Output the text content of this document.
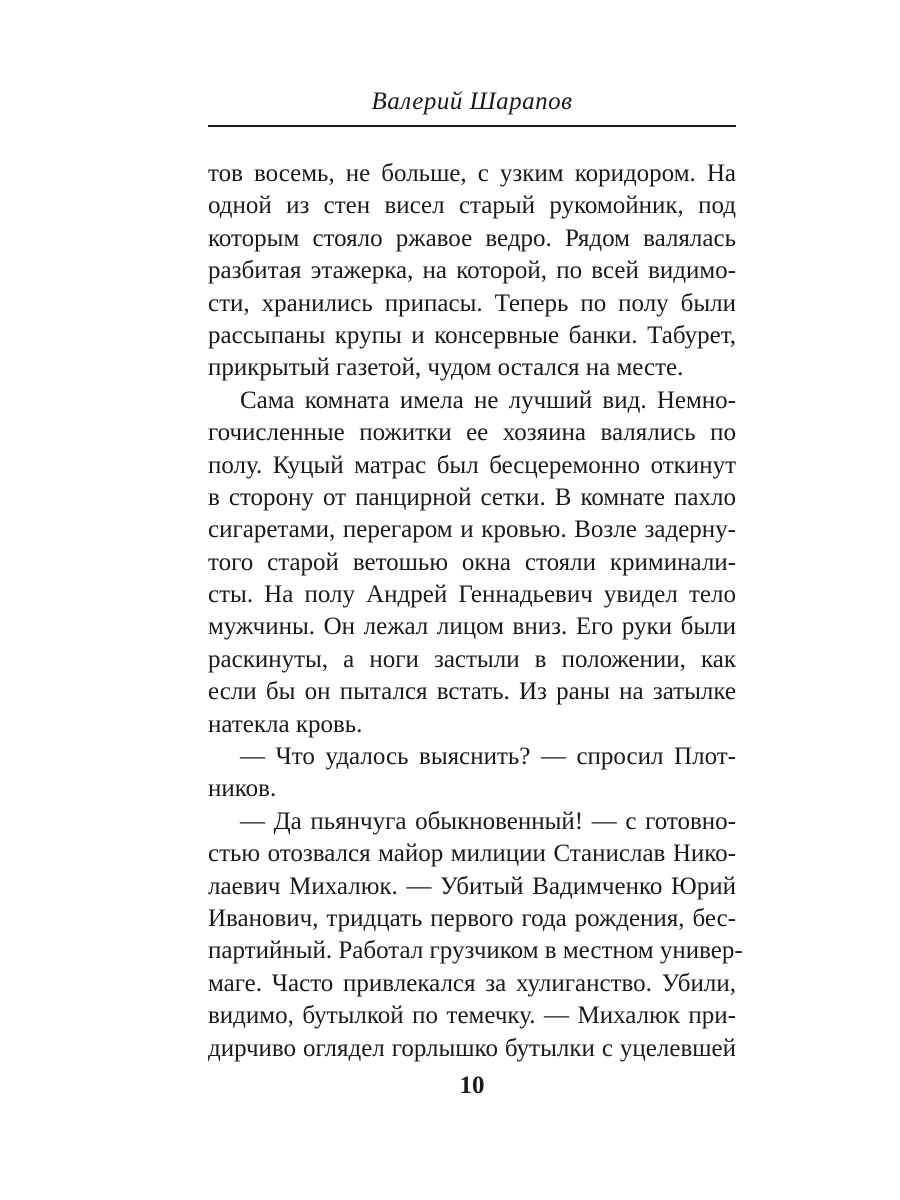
Валерий Шарапов
тов восемь, не больше, с узким коридором. На
одной из стен висел старый рукомойник, под
которым стояло ржавое ведро. Рядом валялась
разбитая этажерка, на которой, по всей видимо-
сти, хранились припасы. Теперь по полу были
рассыпаны крупы и консервные банки. Табурет,
прикрытый газетой, чудом остался на месте.
Сама комната имела не лучший вид. Немно-
гочисленные пожитки ее хозяина валялись по
полу. Куцый матрас был бесцеремонно откинут
в сторону от панцирной сетки. В комнате пахло
сигаретами, перегаром и кровью. Возле задерну-
того старой ветошью окна стояли криминали-
сты. На полу Андрей Геннадьевич увидел тело
мужчины. Он лежал лицом вниз. Его руки были
раскинуты, а ноги застыли в положении, как
если бы он пытался встать. Из раны на затылке
натекла кровь.
— Что удалось выяснить? — спросил Плот-
ников.
— Да пьянчуга обыкновенный! — с готовно-
стью отозвался майор милиции Станислав Нико-
лаевич Михалюк. — Убитый Вадимченко Юрий
Иванович, тридцать первого года рождения, бес-
партийный. Работал грузчиком в местном универ-
маге. Часто привлекался за хулиганство. Убили,
видимо, бутылкой по темечку. — Михалюк при-
дирчиво оглядел горлышко бутылки с уцелевшей
10
